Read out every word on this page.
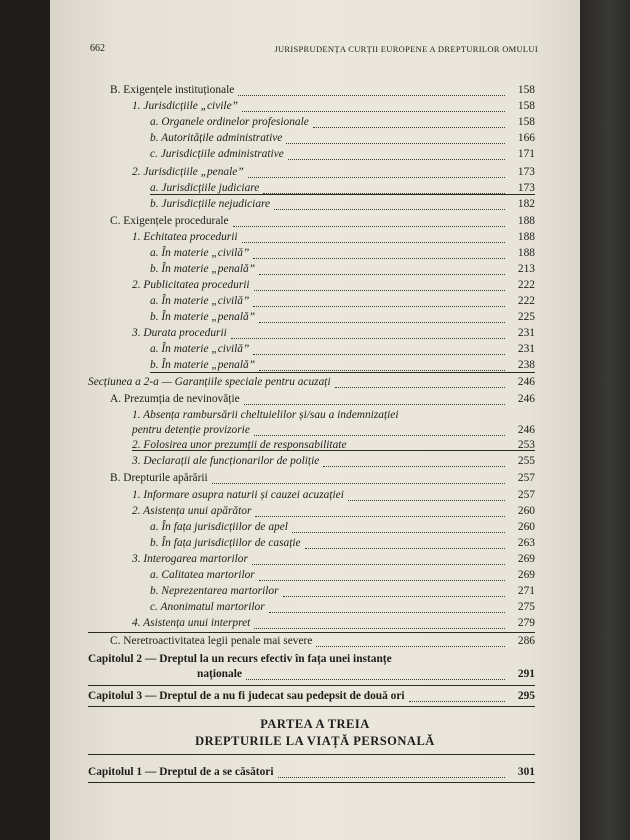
662	JURISPRUDENȚA CURȚII EUROPENE A DREPTURILOR OMULUI
B. Exigențele instituționale	158
1. Jurisdicțiile „civile”	158
a. Organele ordinelor profesionale	158
b. Autoritățile administrative	166
c. Jurisdicțiile administrative	171
2. Jurisdicțiile „penale”	173
a. Jurisdicțiile judiciare	173
b. Jurisdicțiile nejudiciare	182
C. Exigențele procedurale	188
1. Echitatea procedurii	188
a. În materie „civilă”	188
b. În materie „penală”	213
2. Publicitatea procedurii	222
a. În materie „civilă”	222
b. În materie „penală”	225
3. Durata procedurii	231
a. În materie „civilă”	231
b. În materie „penală”	238
Secțiunea a 2-a — Garanțiile speciale pentru acuzați	246
A. Prezumția de nevinovăție	246
1. Absența rambursării cheltuielilor și/sau a indemnizației
pentru detenție provizorie	246
2. Folosirea unor prezumții de responsabilitate	253
3. Declarații ale funcționarilor de poliție	255
B. Drepturile apărării	257
1. Informare asupra naturii și cauzei acuzației	257
2. Asistența unui apărător	260
a. În fața jurisdicțiilor de apel	260
b. În fața jurisdicțiilor de casație	263
3. Interogarea martorilor	269
a. Calitatea martorilor	269
b. Neprezentarea martorilor	271
c. Anonimatul martorilor	275
4. Asistența unui interpret	279
C. Neretroactivitatea legii penale mai severe	286
Capitolul 2 — Dreptul la un recurs efectiv în fața unei instanțe
naționale	291
Capitolul 3 — Dreptul de a nu fi judecat sau pedepsit de două ori	295
Capitolul 1 — Dreptul de a se căsători	301
PARTEA A TREIA
DREPTURILE LA VIAȚĂ PERSONALĂ
